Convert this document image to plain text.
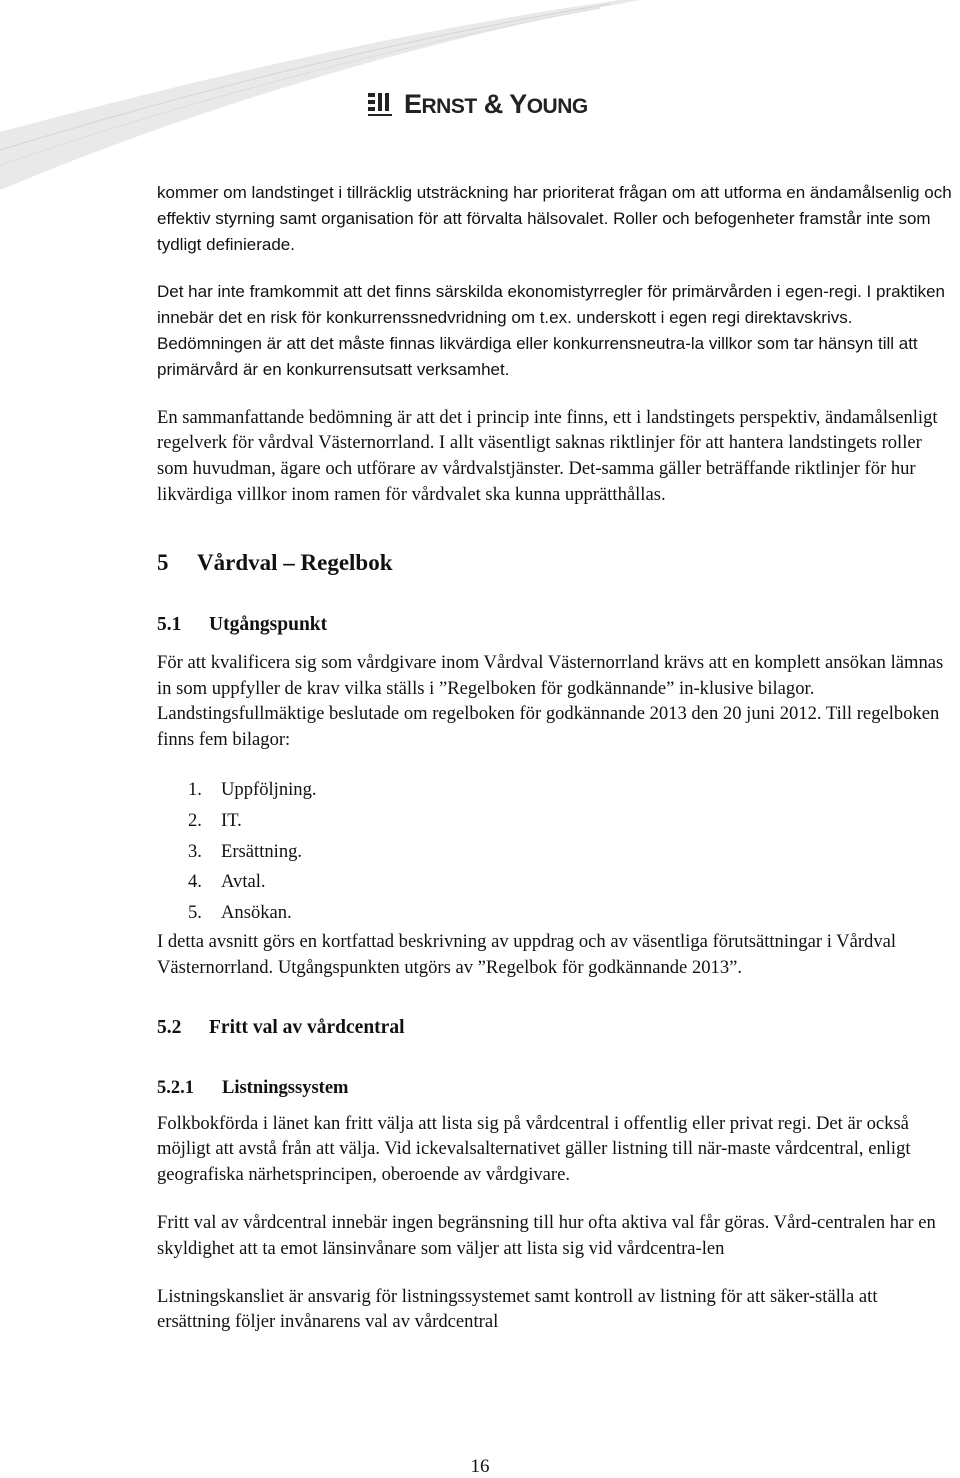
ERNST & YOUNG

kommer om landstinget i tillräcklig utsträckning har prioriterat frågan om att utforma en ändamålsenlig och effektiv styrning samt organisation för att förvalta hälsovalet. Roller och befogenheter framstår inte som tydligt definierade.

Det har inte framkommit att det finns särskilda ekonomistyrregler för primärvården i egen-regi. I praktiken innebär det en risk för konkurrenssnedvridning om t.ex. underskott i egen regi direktavskrivs. Bedömningen är att det måste finnas likvärdiga eller konkurrensneutra-la villkor som tar hänsyn till att primärvård är en konkurrensutsatt verksamhet.

En sammanfattande bedömning är att det i princip inte finns, ett i landstingets perspektiv, ändamålsenligt regelverk för vårdval Västernorrland. I allt väsentligt saknas riktlinjer för att hantera landstingets roller som huvudman, ägare och utförare av vårdvalstjänster. Det-samma gäller beträffande riktlinjer för hur likvärdiga villkor inom ramen för vårdvalet ska kunna upprätthållas.

5 Vårdval – Regelbok
5.1 Utgångspunkt

För att kvalificera sig som vårdgivare inom Vårdval Västernorrland krävs att en komplett ansökan lämnas in som uppfyller de krav vilka ställs i ”Regelboken för godkännande” in-klusive bilagor. Landstingsfullmäktige beslutade om regelboken för godkännande 2013 den 20 juni 2012. Till regelboken finns fem bilagor:

1.	Uppföljning.
2.	IT.
3.	Ersättning.
4.	Avtal.
5.	Ansökan.

I detta avsnitt görs en kortfattad beskrivning av uppdrag och av väsentliga förutsättningar i Vårdval Västernorrland. Utgångspunkten utgörs av ”Regelbok för godkännande 2013”.

5.2 Fritt val av vårdcentral
5.2.1 Listningssystem

Folkbokförda i länet kan fritt välja att lista sig på vårdcentral i offentlig eller privat regi. Det är också möjligt att avstå från att välja. Vid ickevalsalternativet gäller listning till när-maste vårdcentral, enligt geografiska närhetsprincipen, oberoende av vårdgivare.

Fritt val av vårdcentral innebär ingen begränsning till hur ofta aktiva val får göras. Vård-centralen har en skyldighet att ta emot länsinvånare som väljer att lista sig vid vårdcentra-len

Listningskansliet är ansvarig för listningssystemet samt kontroll av listning för att säker-ställa att ersättning följer invånarens val av vårdcentral

16
